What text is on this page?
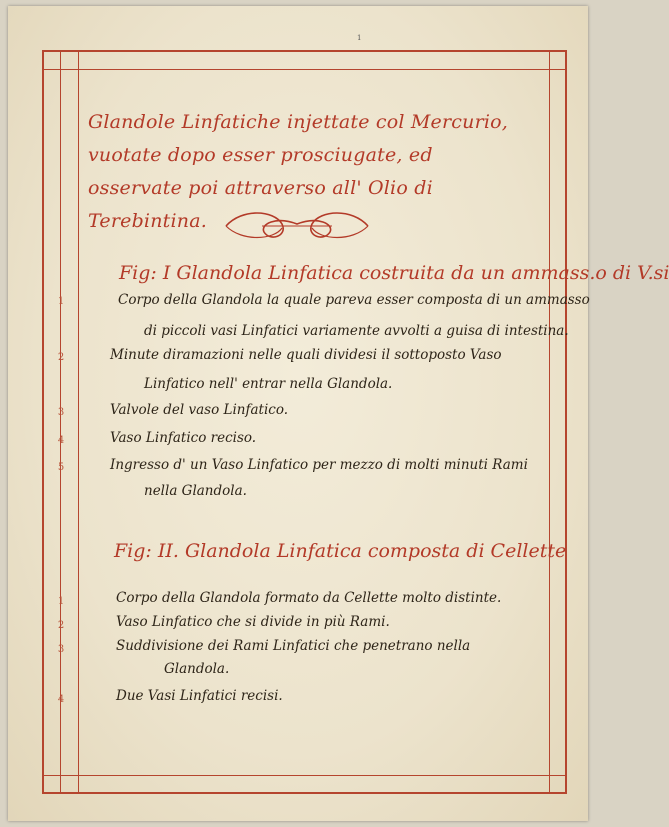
1
Glandole Linfatiche injettate col Mercurio, vuotate dopo esser prosciugate, ed osservate poi attraverso all' Olio di Terebintina.
Fig: I Glandola Linfatica costruita da un ammass.o di V.si
1	Corpo della Glandola la quale pareva esser composta di un ammasso
di piccoli vasi Linfatici variamente avvolti a guisa di intestina.
2	Minute diramazioni nelle quali dividesi il sottoposto Vaso
Linfatico nell' entrar nella Glandola.
3	Valvole del vaso Linfatico.
4	Vaso Linfatico reciso.
5	Ingresso d' un Vaso Linfatico per mezzo di molti minuti Rami
nella Glandola.
Fig: II. Glandola Linfatica composta di Cellette
1	Corpo della Glandola formato da Cellette molto distinte.
2	Vaso Linfatico che si divide in più Rami.
3	Suddivisione dei Rami Linfatici che penetrano nella
Glandola.
4	Due Vasi Linfatici recisi.
